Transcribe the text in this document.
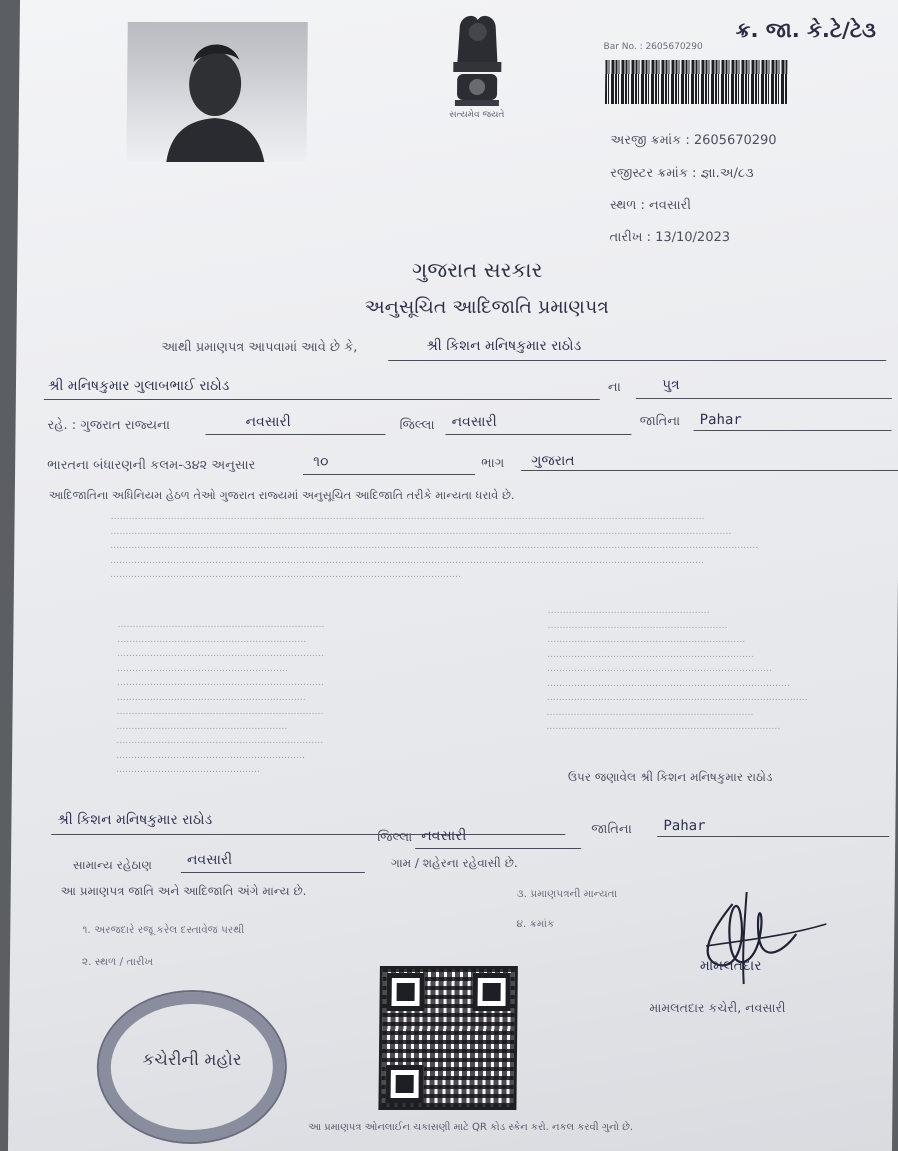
સત્યમેવ જયતે
ક્ર. જા. કે.ટે/ટે૩
Bar No. : 2605670290
અરજી ક્રમાંક : 2605670290
રજીસ્ટર ક્રમાંક : જ્ઞા.અ/૮૩
સ્થળ : નવસારી
તારીખ : 13/10/2023
ગુજરાત સરકાર
અનુસૂચિત આદિજાતિ પ્રમાણપત્ર
આથી પ્રમાણપત્ર આપવામાં આવે છે કે,	શ્રી કિશન મનિષકુમાર રાઠોડ
શ્રી મનિષકુમાર ગુલાબભાઈ રાઠોડ	ના	પુત્ર
રહે. : ગુજરાત રાજ્યના	નવસારી	જિલ્લા નવસારી	જાતિના Pahar
ભારતના બંધારણની કલમ-૩૪૨ અનુસાર	૧૦	ભાગ ગુજરાત
આદિજાતિના અધિનિયમ હેઠળ તેઓ ગુજરાત રાજ્યમાં અનુસૂચિત આદિજાતિ તરીકે માન્યતા ધરાવે છે.
………………………………………………………………………………………………………………………………………………………………………………
………………………………………………………………………………………………………………………………………………………………………………………
………………………………………………………………………………………………………………………………………………………………………………………………
………………………………………………………………………………………………………………………………………………………………………………
………………………………………………………………………………………………………
……………………………………………………………
………………………………………………………
……………………………………………………………
…………………………………………………
……………………………………………………………
………………………………………………………
……………………………………………………………
…………………………………………………
……………………………………………………………
………………………………………………………
…………………………………………
………………………………………………
……………………………………………………
…………………………………………………………
……………………………………………………………
…………………………………………………………………
………………………………………………………………………
……………………………………………………………………………
……………………………………………………………
……………………………………………………………………
ઉપર જણાવેલ શ્રી કિશન મનિષકુમાર રાઠોડ
શ્રી કિશન મનિષકુમાર રાઠોડ
જિલ્લા નવસારી	જાતિના Pahar
સામાન્ય રહેઠાણ	નવસારી	ગામ / શહેરના રહેવાસી છે.
આ પ્રમાણપત્ર જાતિ અને આદિજાતિ અંગે માન્ય છે.
૧. અરજદારે રજૂ કરેલ દસ્તાવેજ પરથી
૨. સ્થળ / તારીખ
૩. પ્રમાણપત્રની માન્યતા
૪. ક્રમાંક
મામલતદાર
મામલતદાર કચેરી, નવસારી
કચેરીની મહોર
આ પ્રમાણપત્ર ઓનલાઈન ચકાસણી માટે QR કોડ સ્કેન કરો. નકલ કરવી ગુનો છે.
